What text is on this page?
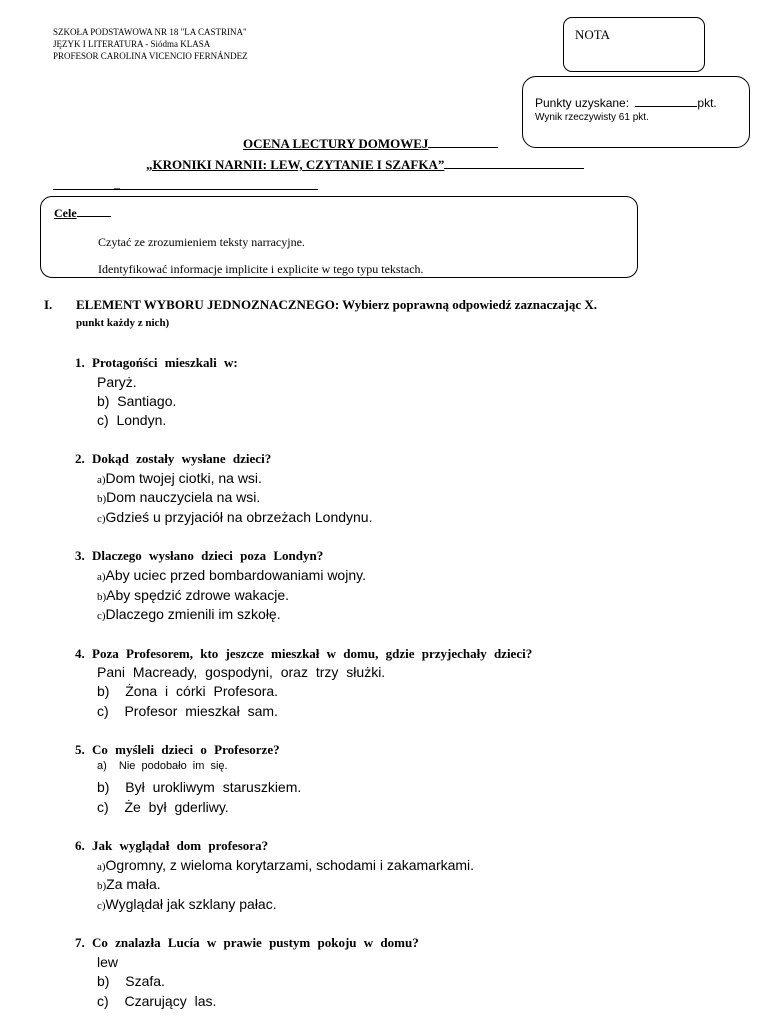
SZKOŁA PODSTAWOWA NR 18 "LA CASTRINA"
JĘZYK I LITERATURA - Siódma KLASA
PROFESOR CAROLINA VICENCIO FERNÁNDEZ
NOTA
Punkty uzyskane:	pkt.
Wynik rzeczywisty 61 pkt.
OCENA LECTURY DOMOWEJ
„KRONIKI NARNII: LEW, CZYTANIE I SZAFKA”
_
Cele
Czytać ze zrozumieniem teksty narracyjne.
Identyfikować informacje implicite i explicite w tego typu tekstach.
I. ELEMENT WYBORU JEDNOZNACZNEGO: Wybierz poprawną odpowiedź zaznaczając X.
punkt każdy z nich)
1. Protagońści mieszkali w:
Paryż.
b) Santiago.
c) Londyn.
2. Dokąd zostały wysłane dzieci?
a)Dom twojej ciotki, na wsi.
b)Dom nauczyciela na wsi.
c)Gdzieś u przyjaciół na obrzeżach Londynu.
3. Dlaczego wysłano dzieci poza Londyn?
a)Aby uciec przed bombardowaniami wojny.
b)Aby spędzić zdrowe wakacje.
c)Dlaczego zmienili im szkołę.
4. Poza Profesorem, kto jeszcze mieszkał w domu, gdzie przyjechały dzieci?
Pani Macready, gospodyni, oraz trzy służki.
b) Żona i córki Profesora.
c) Profesor mieszkał sam.
5. Co myśleli dzieci o Profesorze?
a) Nie podobało im się.
b) Był urokliwym staruszkiem.
c) Że był gderliwy.
6. Jak wyglądał dom profesora?
a)Ogromny, z wieloma korytarzami, schodami i zakamarkami.
b)Za mała.
c)Wyglądał jak szklany pałac.
7. Co znalazła Lucía w prawie pustym pokoju w domu?
lew
b) Szafa.
c) Czarujący las.
